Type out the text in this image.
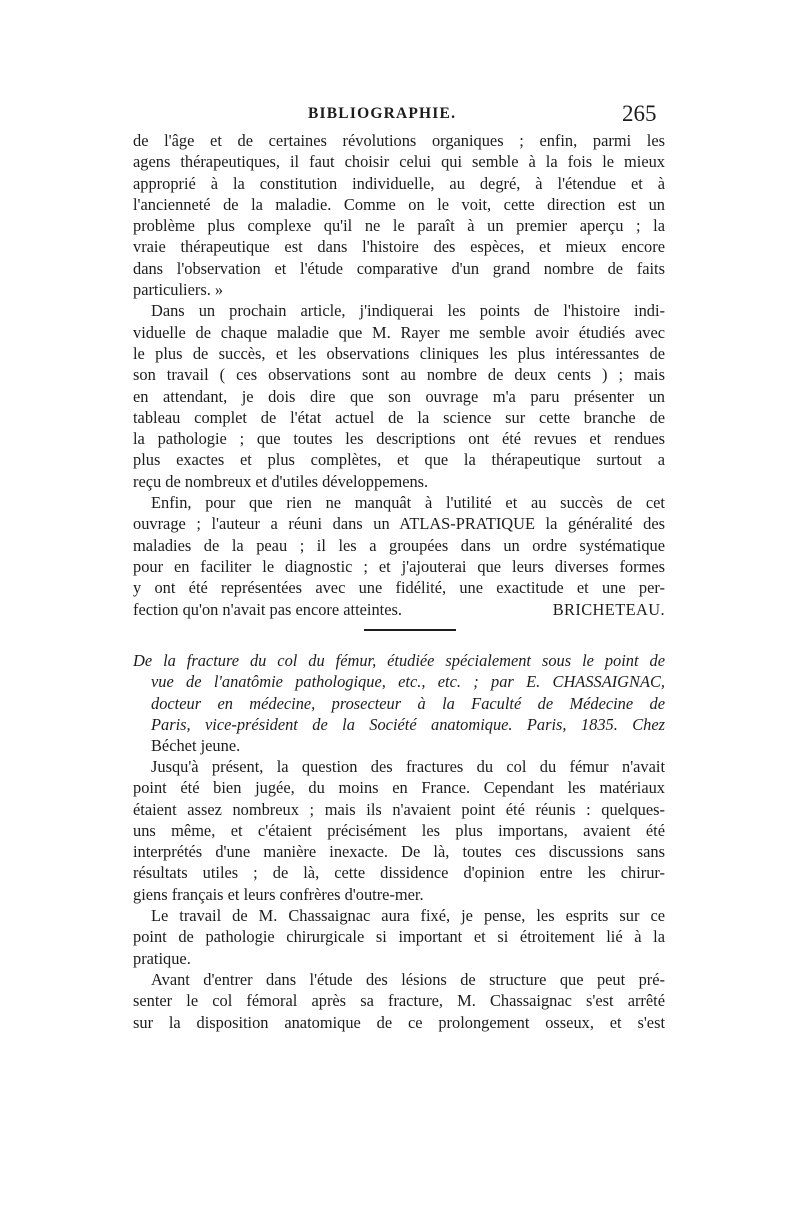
BIBLIOGRAPHIE.	265
de l'âge et de certaines révolutions organiques ; enfin, parmi les
agens thérapeutiques, il faut choisir celui qui semble à la fois le mieux
approprié à la constitution individuelle, au degré, à l'étendue et à
l'ancienneté de la maladie. Comme on le voit, cette direction est un
problème plus complexe qu'il ne le paraît à un premier aperçu ; la
vraie thérapeutique est dans l'histoire des espèces, et mieux encore
dans l'observation et l'étude comparative d'un grand nombre de faits
particuliers. »
Dans un prochain article, j'indiquerai les points de l'histoire indi-
viduelle de chaque maladie que M. Rayer me semble avoir étudiés avec
le plus de succès, et les observations cliniques les plus intéressantes de
son travail ( ces observations sont au nombre de deux cents ) ; mais
en attendant, je dois dire que son ouvrage m'a paru présenter un
tableau complet de l'état actuel de la science sur cette branche de
la pathologie ; que toutes les descriptions ont été revues et rendues
plus exactes et plus complètes, et que la thérapeutique surtout a
reçu de nombreux et d'utiles développemens.
Enfin, pour que rien ne manquât à l'utilité et au succès de cet
ouvrage ; l'auteur a réuni dans un ATLAS-PRATIQUE la généralité des
maladies de la peau ; il les a groupées dans un ordre systématique
pour en faciliter le diagnostic ; et j'ajouterai que leurs diverses formes
y ont été représentées avec une fidélité, une exactitude et une per-
fection qu'on n'avait pas encore atteintes.	BRICHETEAU.
De la fracture du col du fémur, étudiée spécialement sous le point de
vue de l'anatômie pathologique, etc., etc. ; par E. CHASSAIGNAC,
docteur en médecine, prosecteur à la Faculté de Médecine de
Paris, vice-président de la Société anatomique. Paris, 1835. Chez
Béchet jeune.
Jusqu'à présent, la question des fractures du col du fémur n'avait
point été bien jugée, du moins en France. Cependant les matériaux
étaient assez nombreux ; mais ils n'avaient point été réunis : quelques-
uns même, et c'étaient précisément les plus importans, avaient été
interprétés d'une manière inexacte. De là, toutes ces discussions sans
résultats utiles ; de là, cette dissidence d'opinion entre les chirur-
giens français et leurs confrères d'outre-mer.
Le travail de M. Chassaignac aura fixé, je pense, les esprits sur ce
point de pathologie chirurgicale si important et si étroitement lié à la
pratique.
Avant d'entrer dans l'étude des lésions de structure que peut pré-
senter le col fémoral après sa fracture, M. Chassaignac s'est arrêté
sur la disposition anatomique de ce prolongement osseux, et s'est
